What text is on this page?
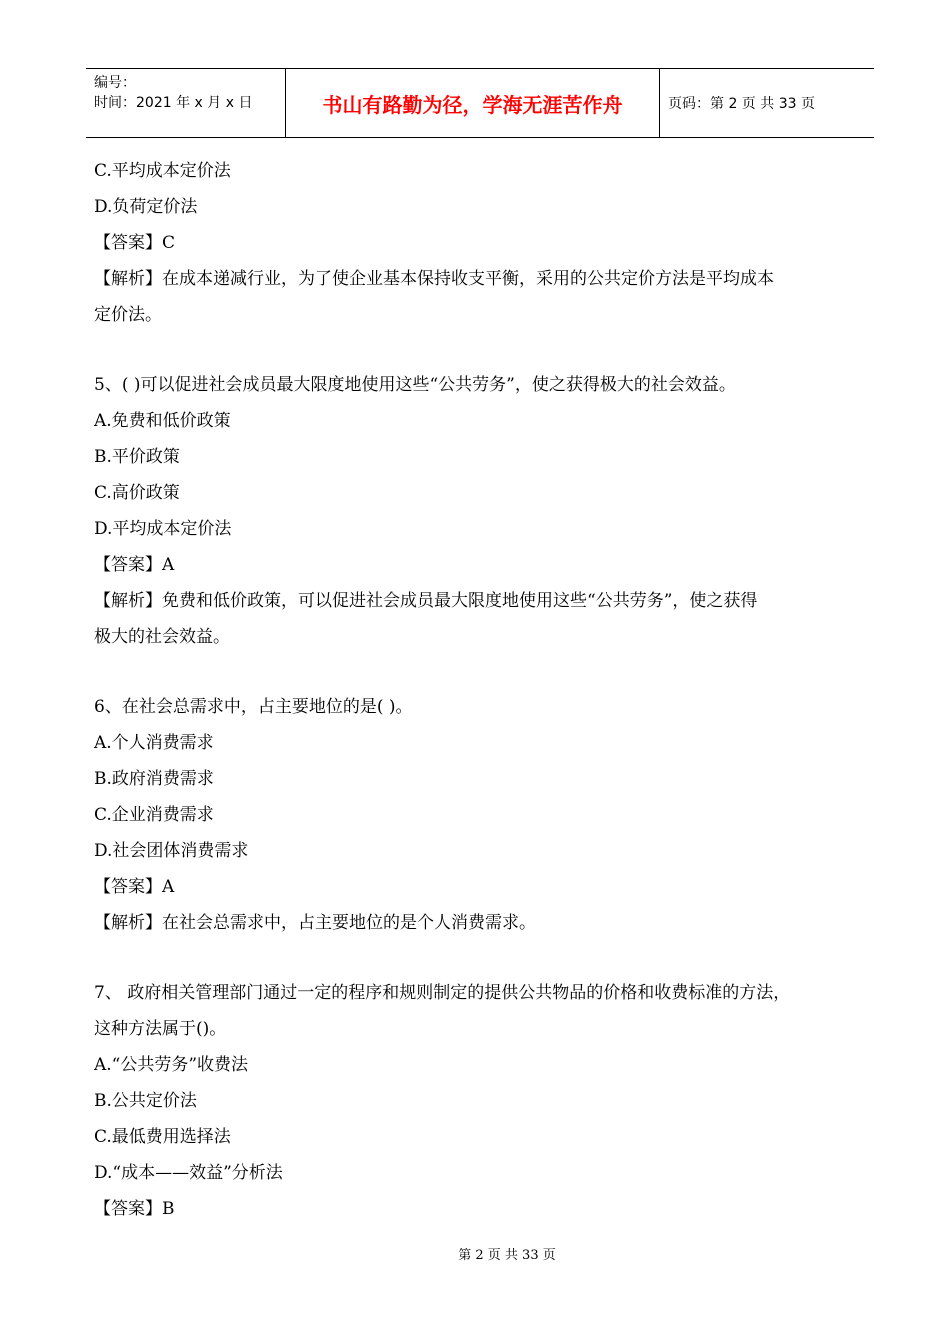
编号：
时间：2021 年 x 月 x 日	书山有路勤为径，学海无涯苦作舟	页码：第 2 页 共 33 页
C.平均成本定价法
D.负荷定价法
【答案】C
【解析】在成本递减行业，为了使企业基本保持收支平衡，采用的公共定价方法是平均成本
定价法。
5、( )可以促进社会成员最大限度地使用这些“公共劳务”，使之获得极大的社会效益。
A.免费和低价政策
B.平价政策
C.高价政策
D.平均成本定价法
【答案】A
【解析】免费和低价政策，可以促进社会成员最大限度地使用这些“公共劳务”，使之获得
极大的社会效益。
6、在社会总需求中，占主要地位的是( )。
A.个人消费需求
B.政府消费需求
C.企业消费需求
D.社会团体消费需求
【答案】A
【解析】在社会总需求中，占主要地位的是个人消费需求。
7、 政府相关管理部门通过一定的程序和规则制定的提供公共物品的价格和收费标准的方法，
这种方法属于()。
A.“公共劳务”收费法
B.公共定价法
C.最低费用选择法
D.“成本——效益”分析法
【答案】B
第 2 页 共 33 页
